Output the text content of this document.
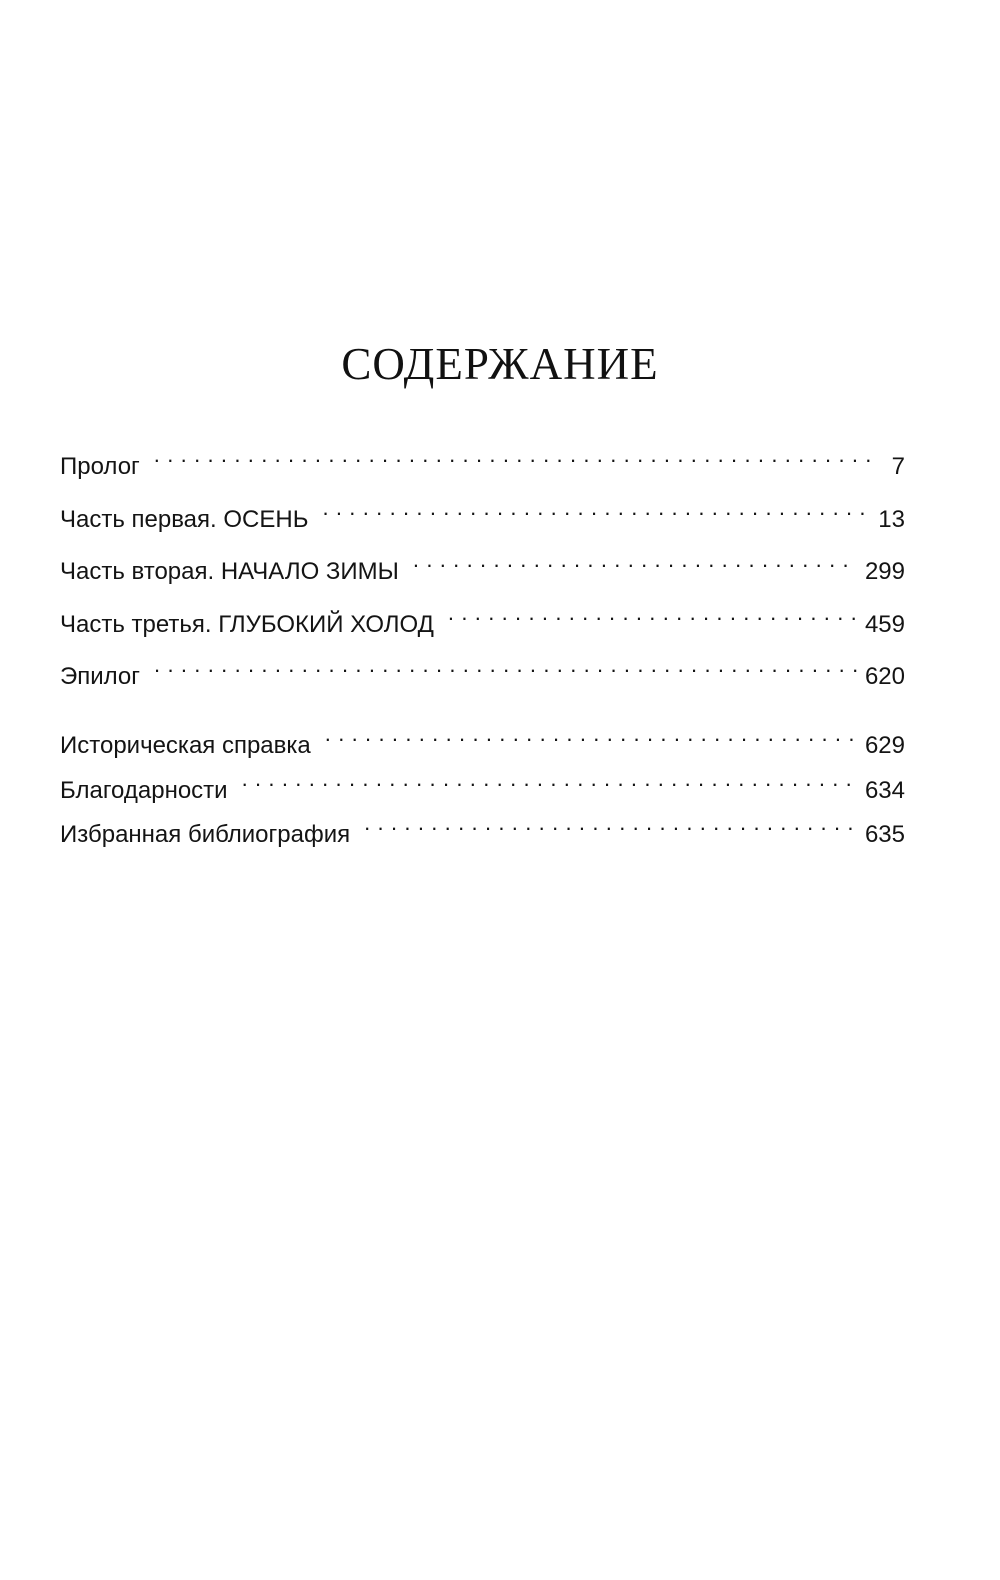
СОДЕРЖАНИЕ
Пролог . . .	7
Часть первая. ОСЕНЬ . . .	13
Часть вторая. НАЧАЛО ЗИМЫ . . .	299
Часть третья. ГЛУБОКИЙ ХОЛОД . . .	459
Эпилог . . .	620
Историческая справка . . .	629
Благодарности . . .	634
Избранная библиография . . .	635
